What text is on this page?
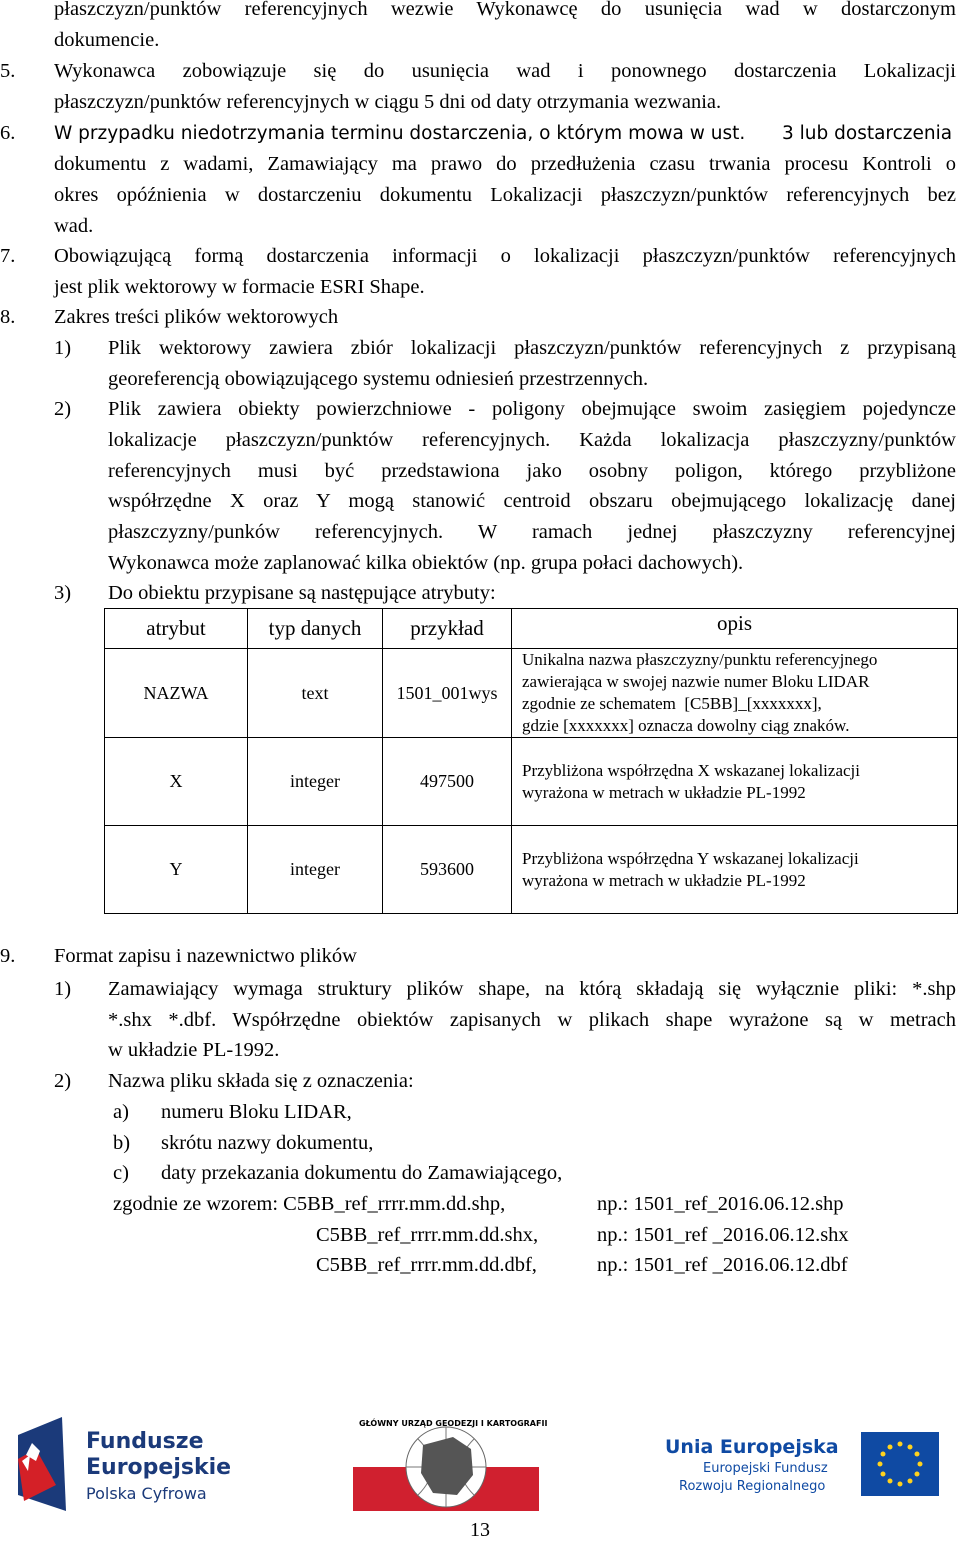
płaszczyzn/punktów referencyjnych wezwie Wykonawcę do usunięcia wad w dostarczonym
dokumencie.
5. Wykonawca zobowiązuje się do usunięcia wad i ponownego dostarczenia Lokalizacji
płaszczyzn/punktów referencyjnych w ciągu 5 dni od daty otrzymania wezwania.
6. W przypadku niedotrzymania terminu dostarczenia, o którym mowa w ust. 3 lub dostarczenia
dokumentu z wadami, Zamawiający ma prawo do przedłużenia czasu trwania procesu Kontroli o
okres opóźnienia w dostarczeniu dokumentu Lokalizacji płaszczyzn/punktów referencyjnych bez
wad.
7. Obowiązującą formą dostarczenia informacji o lokalizacji płaszczyzn/punktów referencyjnych
jest plik wektorowy w formacie ESRI Shape.
8. Zakres treści plików wektorowych
1) Plik wektorowy zawiera zbiór lokalizacji płaszczyzn/punktów referencyjnych z przypisaną
georeferencją obowiązującego systemu odniesień przestrzennych.
2) Plik zawiera obiekty powierzchniowe - poligony obejmujące swoim zasięgiem pojedyncze
lokalizacje płaszczyzn/punktów referencyjnych. Każda lokalizacja płaszczyzny/punktów
referencyjnych musi być przedstawiona jako osobny poligon, którego przybliżone
współrzędne X oraz Y mogą stanowić centroid obszaru obejmującego lokalizację danej
płaszczyzny/punków referencyjnych. W ramach jednej płaszczyzny referencyjnej
Wykonawca może zaplanować kilka obiektów (np. grupa połaci dachowych).
3) Do obiektu przypisane są następujące atrybuty:
atrybut	typ danych	przykład	opis
NAZWA	text	1501_001wys	Unikalna nazwa płaszczyzny/punktu referencyjnego
zawierająca w swojej nazwie numer Bloku LIDAR
zgodnie ze schematem  [C5BB]_[xxxxxxx],
gdzie [xxxxxxx] oznacza dowolny ciąg znaków.

X	integer	497500	Przybliżona współrzędna X wskazanej lokalizacji
wyrażona w metrach w układzie PL-1992

Y	integer	593600	Przybliżona współrzędna Y wskazanej lokalizacji
wyrażona w metrach w układzie PL-1992
9. Format zapisu i nazewnictwo plików
1) Zamawiający wymaga struktury plików shape, na którą składają się wyłącznie pliki: *.shp
*.shx *.dbf. Współrzędne obiektów zapisanych w plikach shape wyrażone są w metrach
w układzie PL-1992.
2) Nazwa pliku składa się z oznaczenia:
a) numeru Bloku LIDAR,
b) skrótu nazwy dokumentu,
c) daty przekazania dokumentu do Zamawiającego,
zgodnie ze wzorem: C5BB_ref_rrrr.mm.dd.shp,	np.: 1501_ref_2016.06.12.shp
C5BB_ref_rrrr.mm.dd.shx,	np.: 1501_ref _2016.06.12.shx
C5BB_ref_rrrr.mm.dd.dbf,	np.: 1501_ref _2016.06.12.dbf
Fundusze
Europejskie
Polska Cyfrowa
GŁÓWNY URZĄD GEODEZJI I KARTOGRAFII
Unia Europejska
Europejski Fundusz
Rozwoju Regionalnego
13
